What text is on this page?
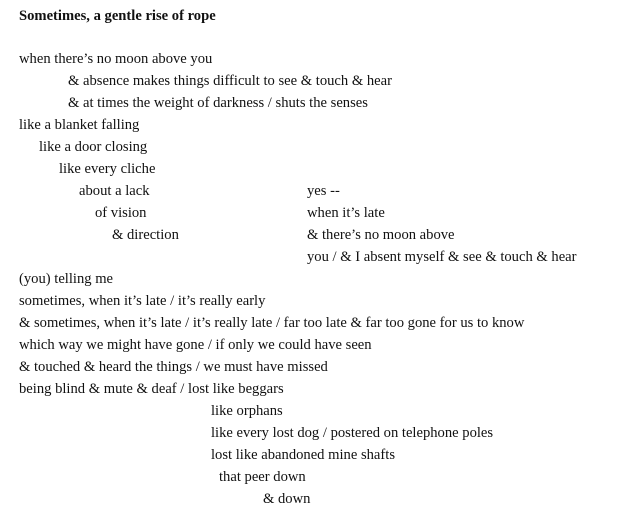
Sometimes, a gentle rise of rope
when there’s no moon above you
& absence makes things difficult to see & touch & hear
& at times the weight of darkness / shuts the senses
like a blanket falling
like a door closing
like every cliche
about a lack	yes --
of vision	when it’s late
& direction	& there’s no moon above
you / & I absent myself & see & touch & hear
(you) telling me
sometimes, when it’s late / it’s really early
& sometimes, when it’s late / it’s really late / far too late & far too gone for us to know
which way we might have gone / if only we could have seen
& touched & heard the things / we must have missed
being blind & mute & deaf / lost like beggars
like orphans
like every lost dog / postered on telephone poles
lost like abandoned mine shafts
that peer down
& down
